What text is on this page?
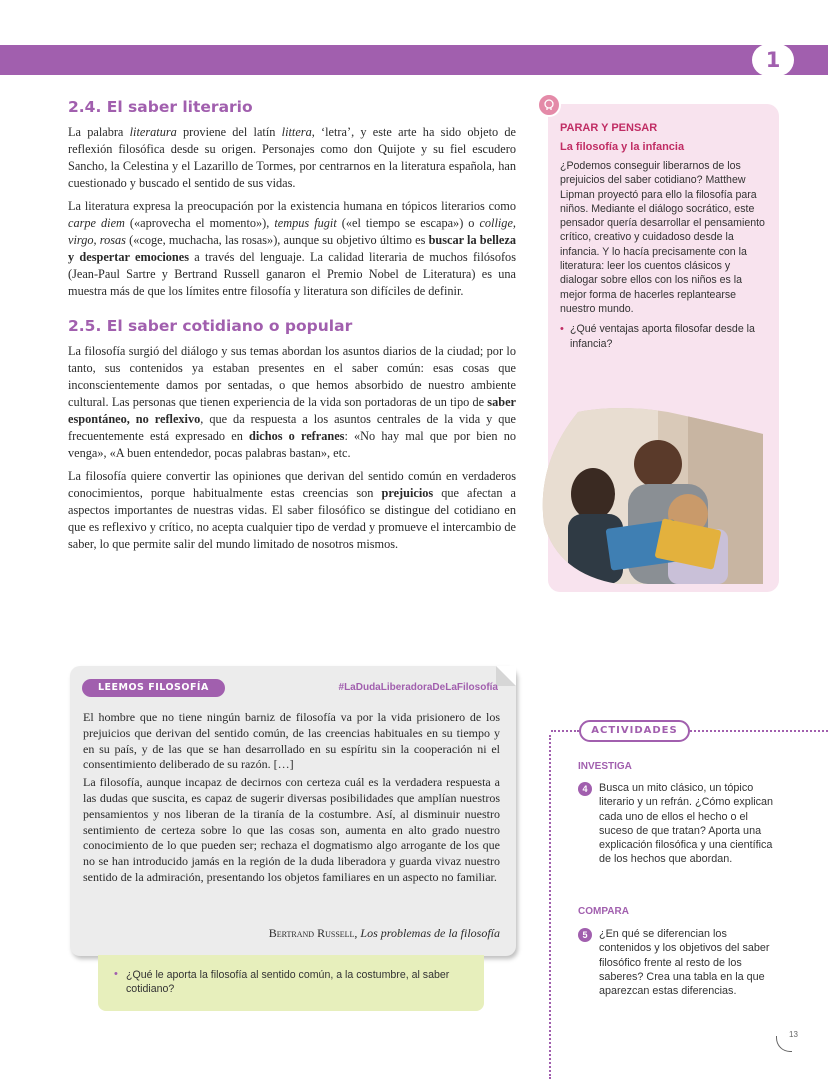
1
2.4. El saber literario

La palabra literatura proviene del latín littera, ‘letra’, y este arte ha sido objeto de reflexión filosófica desde su origen. Personajes como don Quijote y su fiel escudero Sancho, la Celestina y el Lazarillo de Tormes, por centrarnos en la literatura española, han cuestionado y buscado el sentido de sus vidas.

La literatura expresa la preocupación por la existencia humana en tópicos literarios como carpe diem («aprovecha el momento»), tempus fugit («el tiempo se escapa») o collige, virgo, rosas («coge, muchacha, las rosas»), aunque su objetivo último es buscar la belleza y despertar emociones a través del lenguaje. La calidad literaria de muchos filósofos (Jean-Paul Sartre y Bertrand Russell ganaron el Premio Nobel de Literatura) es una muestra más de que los límites entre filosofía y literatura son difíciles de definir.

2.5. El saber cotidiano o popular

La filosofía surgió del diálogo y sus temas abordan los asuntos diarios de la ciudad; por lo tanto, sus contenidos ya estaban presentes en el saber común: esas cosas que inconscientemente damos por sentadas, o que hemos absorbido de nuestro ambiente cultural. Las personas que tienen experiencia de la vida son portadoras de un tipo de saber espontáneo, no reflexivo, que da respuesta a los asuntos centrales de la vida y que frecuentemente está expresado en dichos o refranes: «No hay mal que por bien no venga», «A buen entendedor, pocas palabras bastan», etc.

La filosofía quiere convertir las opiniones que derivan del sentido común en verdaderos conocimientos, porque habitualmente estas creencias son prejuicios que afectan a aspectos importantes de nuestras vidas. El saber filosófico se distingue del cotidiano en que es reflexivo y crítico, no acepta cualquier tipo de verdad y promueve el intercambio de saber, lo que permite salir del mundo limitado de nosotros mismos.

PARAR Y PENSAR
La filosofía y la infancia
¿Podemos conseguir liberarnos de los prejuicios del saber cotidiano? Matthew Lipman proyectó para ello la filosofía para niños. Mediante el diálogo socrático, este pensador quería desarrollar el pensamiento crítico, creativo y cuidadoso desde la infancia. Y lo hacía precisamente con la literatura: leer los cuentos clásicos y dialogar sobre ellos con los niños es la mejor forma de hacerles replantearse nuestro mundo.
• ¿Qué ventajas aporta filosofar desde la infancia?
LEEMOS FILOSOFÍA	#LaDudaLiberadoraDeLaFilosofía

El hombre que no tiene ningún barniz de filosofía va por la vida prisionero de los prejuicios que derivan del sentido común, de las creencias habituales en su tiempo y en su país, y de las que se han desarrollado en su espíritu sin la cooperación ni el consentimiento deliberado de su razón. […]

La filosofía, aunque incapaz de decirnos con certeza cuál es la verdadera respuesta a las dudas que suscita, es capaz de sugerir diversas posibilidades que amplían nuestros pensamientos y nos liberan de la tiranía de la costumbre. Así, al disminuir nuestro sentimiento de certeza sobre lo que las cosas son, aumenta en alto grado nuestro conocimiento de lo que pueden ser; rechaza el dogmatismo algo arrogante de los que no se han introducido jamás en la región de la duda liberadora y guarda vivaz nuestro sentido de la admiración, presentando los objetos familiares en un aspecto no familiar.

Bertrand Russell, Los problemas de la filosofía
• ¿Qué le aporta la filosofía al sentido común, a la costumbre, al saber cotidiano?
ACTIVIDADES
INVESTIGA
4	Busca un mito clásico, un tópico literario y un refrán. ¿Cómo explican cada uno de ellos el hecho o el suceso de que tratan? Aporta una explicación filosófica y una científica de los hechos que abordan.
COMPARA
5	¿En qué se diferencian los contenidos y los objetivos del saber filosófico frente al resto de los saberes? Crea una tabla en la que aparezcan estas diferencias.
13
